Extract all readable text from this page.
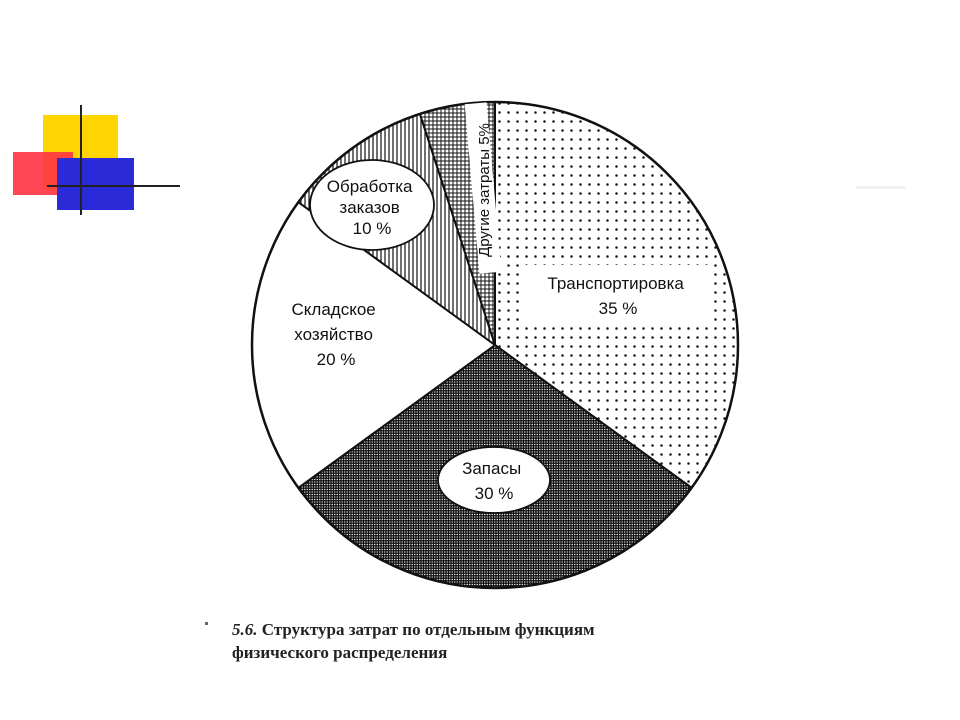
Транспортировка 35 %
Запасы 30 %
Складское хозяйство 20 %
Обработка заказов 10 %	Другие затраты 5%
5.6. Структура затрат по отдельным функциям
физического распределения
